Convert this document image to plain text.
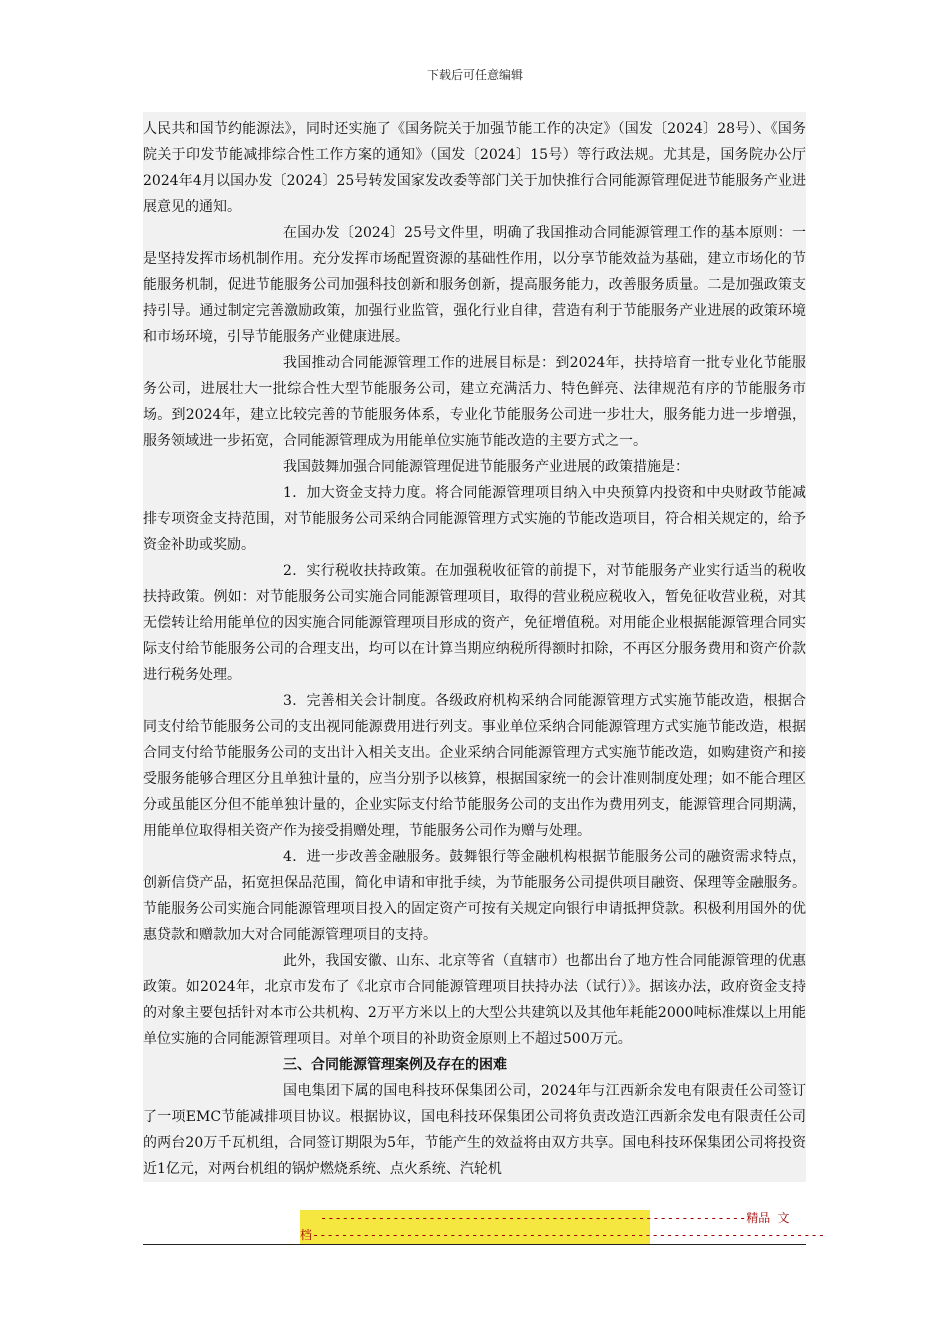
下载后可任意编辑

人民共和国节约能源法》，同时还实施了《国务院关于加强节能工作的决定》（国发〔2024〕28号）、《国务院关于印发节能减排综合性工作方案的通知》（国发〔2024〕15号）等行政法规。尤其是，国务院办公厅2024年4月以国办发〔2024〕25号转发国家发改委等部门关于加快推行合同能源管理促进节能服务产业进展意见的通知。

在国办发〔2024〕25号文件里，明确了我国推动合同能源管理工作的基本原则：一是坚持发挥市场机制作用。充分发挥市场配置资源的基础性作用，以分享节能效益为基础，建立市场化的节能服务机制，促进节能服务公司加强科技创新和服务创新，提高服务能力，改善服务质量。二是加强政策支持引导。通过制定完善激励政策，加强行业监管，强化行业自律，营造有利于节能服务产业进展的政策环境和市场环境，引导节能服务产业健康进展。

我国推动合同能源管理工作的进展目标是：到2024年，扶持培育一批专业化节能服务公司，进展壮大一批综合性大型节能服务公司，建立充满活力、特色鲜亮、法律规范有序的节能服务市场。到2024年，建立比较完善的节能服务体系，专业化节能服务公司进一步壮大，服务能力进一步增强，服务领域进一步拓宽，合同能源管理成为用能单位实施节能改造的主要方式之一。

我国鼓舞加强合同能源管理促进节能服务产业进展的政策措施是：

1．加大资金支持力度。将合同能源管理项目纳入中央预算内投资和中央财政节能减排专项资金支持范围，对节能服务公司采纳合同能源管理方式实施的节能改造项目，符合相关规定的，给予资金补助或奖励。

2．实行税收扶持政策。在加强税收征管的前提下，对节能服务产业实行适当的税收扶持政策。例如：对节能服务公司实施合同能源管理项目，取得的营业税应税收入，暂免征收营业税，对其无偿转让给用能单位的因实施合同能源管理项目形成的资产，免征增值税。对用能企业根据能源管理合同实际支付给节能服务公司的合理支出，均可以在计算当期应纳税所得额时扣除，不再区分服务费用和资产价款进行税务处理。

3．完善相关会计制度。各级政府机构采纳合同能源管理方式实施节能改造，根据合同支付给节能服务公司的支出视同能源费用进行列支。事业单位采纳合同能源管理方式实施节能改造，根据合同支付给节能服务公司的支出计入相关支出。企业采纳合同能源管理方式实施节能改造，如购建资产和接受服务能够合理区分且单独计量的，应当分别予以核算，根据国家统一的会计准则制度处理；如不能合理区分或虽能区分但不能单独计量的，企业实际支付给节能服务公司的支出作为费用列支，能源管理合同期满，用能单位取得相关资产作为接受捐赠处理，节能服务公司作为赠与处理。

4．进一步改善金融服务。鼓舞银行等金融机构根据节能服务公司的融资需求特点，创新信贷产品，拓宽担保品范围，简化申请和审批手续，为节能服务公司提供项目融资、保理等金融服务。节能服务公司实施合同能源管理项目投入的固定资产可按有关规定向银行申请抵押贷款。积极利用国外的优惠贷款和赠款加大对合同能源管理项目的支持。

此外，我国安徽、山东、北京等省（直辖市）也都出台了地方性合同能源管理的优惠政策。如2024年，北京市发布了《北京市合同能源管理项目扶持办法（试行）》。据该办法，政府资金支持的对象主要包括针对本市公共机构、2万平方米以上的大型公共建筑以及其他年耗能2000吨标准煤以上用能单位实施的合同能源管理项目。对单个项目的补助资金原则上不超过500万元。

三、合同能源管理案例及存在的困难

国电集团下属的国电科技环保集团公司，2024年与江西新余发电有限责任公司签订了一项EMC节能减排项目协议。根据协议，国电科技环保集团公司将负责改造江西新余发电有限责任公司的两台20万千瓦机组，合同签订期限为5年，节能产生的效益将由双方共享。国电科技环保集团公司将投资近1亿元，对两台机组的锅炉燃烧系统、点火系统、汽轮机

-----------------------------------------------------------精品 文
档-----------------------------------------------------------------------
